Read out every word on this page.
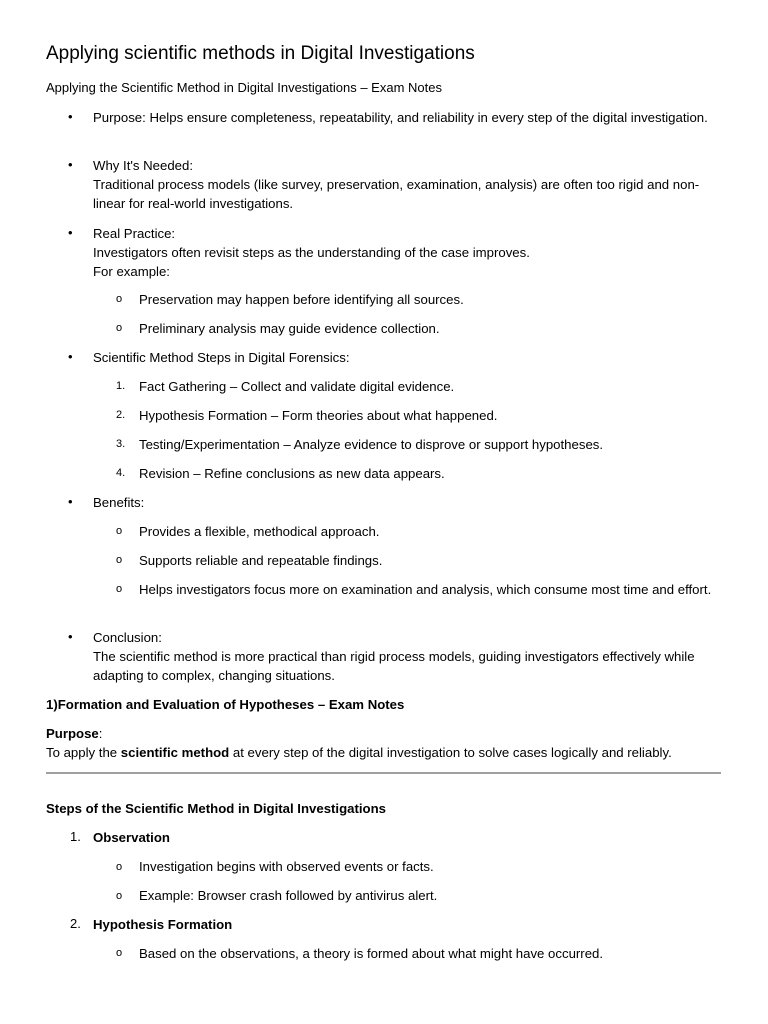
Applying scientific methods in Digital Investigations
Applying the Scientific Method in Digital Investigations – Exam Notes
• Purpose: Helps ensure completeness, repeatability, and reliability in every step of the digital investigation.
• Why It's Needed:
Traditional process models (like survey, preservation, examination, analysis) are often too rigid and non-linear for real-world investigations.
• Real Practice:
Investigators often revisit steps as the understanding of the case improves.
For example:
o Preservation may happen before identifying all sources.
o Preliminary analysis may guide evidence collection.
• Scientific Method Steps in Digital Forensics:
1. Fact Gathering – Collect and validate digital evidence.
2. Hypothesis Formation – Form theories about what happened.
3. Testing/Experimentation – Analyze evidence to disprove or support hypotheses.
4. Revision – Refine conclusions as new data appears.
• Benefits:
o Provides a flexible, methodical approach.
o Supports reliable and repeatable findings.
o Helps investigators focus more on examination and analysis, which consume most time and effort.
• Conclusion:
The scientific method is more practical than rigid process models, guiding investigators effectively while adapting to complex, changing situations.
1)Formation and Evaluation of Hypotheses – Exam Notes
Purpose:
To apply the scientific method at every step of the digital investigation to solve cases logically and reliably.
Steps of the Scientific Method in Digital Investigations
1. Observation
o Investigation begins with observed events or facts.
o Example: Browser crash followed by antivirus alert.
2. Hypothesis Formation
o Based on the observations, a theory is formed about what might have occurred.
